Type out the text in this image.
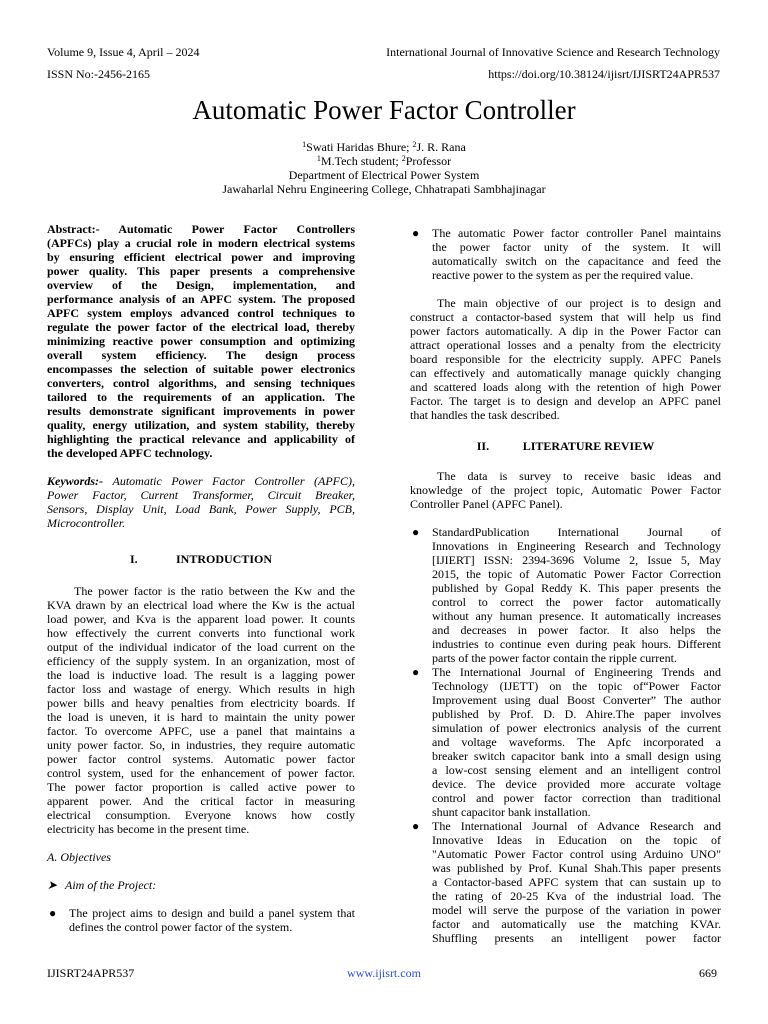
Volume 9, Issue 4, April – 2024
ISSN No:-2456-2165
International Journal of Innovative Science and Research Technology
https://doi.org/10.38124/ijisrt/IJISRT24APR537
Automatic Power Factor Controller
$^1$Swati Haridas Bhure; $^2$J. R. Rana
$^1$M.Tech student; $^2$Professor
Department of Electrical Power System
Jawaharlal Nehru Engineering College, Chhatrapati Sambhajinagar
Abstract:- Automatic Power Factor Controllers
(APFCs) play a crucial role in modern electrical systems
by ensuring efficient electrical power and improving
power quality. This paper presents a comprehensive
overview of the Design, implementation, and
performance analysis of an APFC system. The proposed
APFC system employs advanced control techniques to
regulate the power factor of the electrical load, thereby
minimizing reactive power consumption and optimizing
overall system efficiency. The design process
encompasses the selection of suitable power electronics
converters, control algorithms, and sensing techniques
tailored to the requirements of an application. The
results demonstrate significant improvements in power
quality, energy utilization, and system stability, thereby
highlighting the practical relevance and applicability of
the developed APFC technology.
Keywords:- Automatic Power Factor Controller (APFC),
Power Factor, Current Transformer, Circuit Breaker,
Sensors, Display Unit, Load Bank, Power Supply, PCB,
Microcontroller.
I.	INTRODUCTION
The power factor is the ratio between the Kw and the
KVA drawn by an electrical load where the Kw is the actual
load power, and Kva is the apparent load power. It counts
how effectively the current converts into functional work
output of the individual indicator of the load current on the
efficiency of the supply system. In an organization, most of
the load is inductive load. The result is a lagging power
factor loss and wastage of energy. Which results in high
power bills and heavy penalties from electricity boards. If
the load is uneven, it is hard to maintain the unity power
factor. To overcome APFC, use a panel that maintains a
unity power factor. So, in industries, they require automatic
power factor control systems. Automatic power factor
control system, used for the enhancement of power factor.
The power factor proportion is called active power to
apparent power. And the critical factor in measuring
electrical consumption. Everyone knows how costly
electricity has become in the present time.
A. Objectives
➤ Aim of the Project:
● The project aims to design and build a panel system that
defines the control power factor of the system.
● The automatic Power factor controller Panel maintains
the power factor unity of the system. It will
automatically switch on the capacitance and feed the
reactive power to the system as per the required value.
The main objective of our project is to design and
construct a contactor-based system that will help us find
power factors automatically. A dip in the Power Factor can
attract operational losses and a penalty from the electricity
board responsible for the electricity supply. APFC Panels
can effectively and automatically manage quickly changing
and scattered loads along with the retention of high Power
Factor. The target is to design and develop an APFC panel
that handles the task described.
II.	LITERATURE REVIEW
The data is survey to receive basic ideas and
knowledge of the project topic, Automatic Power Factor
Controller Panel (APFC Panel).
● StandardPublication International Journal of
Innovations in Engineering Research and Technology
[IJIERT] ISSN: 2394-3696 Volume 2, Issue 5, May
2015, the topic of Automatic Power Factor Correction
published by Gopal Reddy K. This paper presents the
control to correct the power factor automatically
without any human presence. It automatically increases
and decreases in power factor. It also helps the
industries to continue even during peak hours. Different
parts of the power factor contain the ripple current.
● The International Journal of Engineering Trends and
Technology (IJETT) on the topic of“Power Factor
Improvement using dual Boost Converter” The author
published by Prof. D. D. Ahire.The paper involves
simulation of power electronics analysis of the current
and voltage waveforms. The Apfc incorporated a
breaker switch capacitor bank into a small design using
a low-cost sensing element and an intelligent control
device. The device provided more accurate voltage
control and power factor correction than traditional
shunt capacitor bank installation.
● The International Journal of Advance Research and
Innovative Ideas in Education on the topic of
"Automatic Power Factor control using Arduino UNO"
was published by Prof. Kunal Shah.This paper presents
a Contactor-based APFC system that can sustain up to
the rating of 20-25 Kva of the industrial load. The
model will serve the purpose of the variation in power
factor and automatically use the matching KVAr.
Shuffling presents an intelligent power factor
IJISRT24APR537	www.ijisrt.com	669
